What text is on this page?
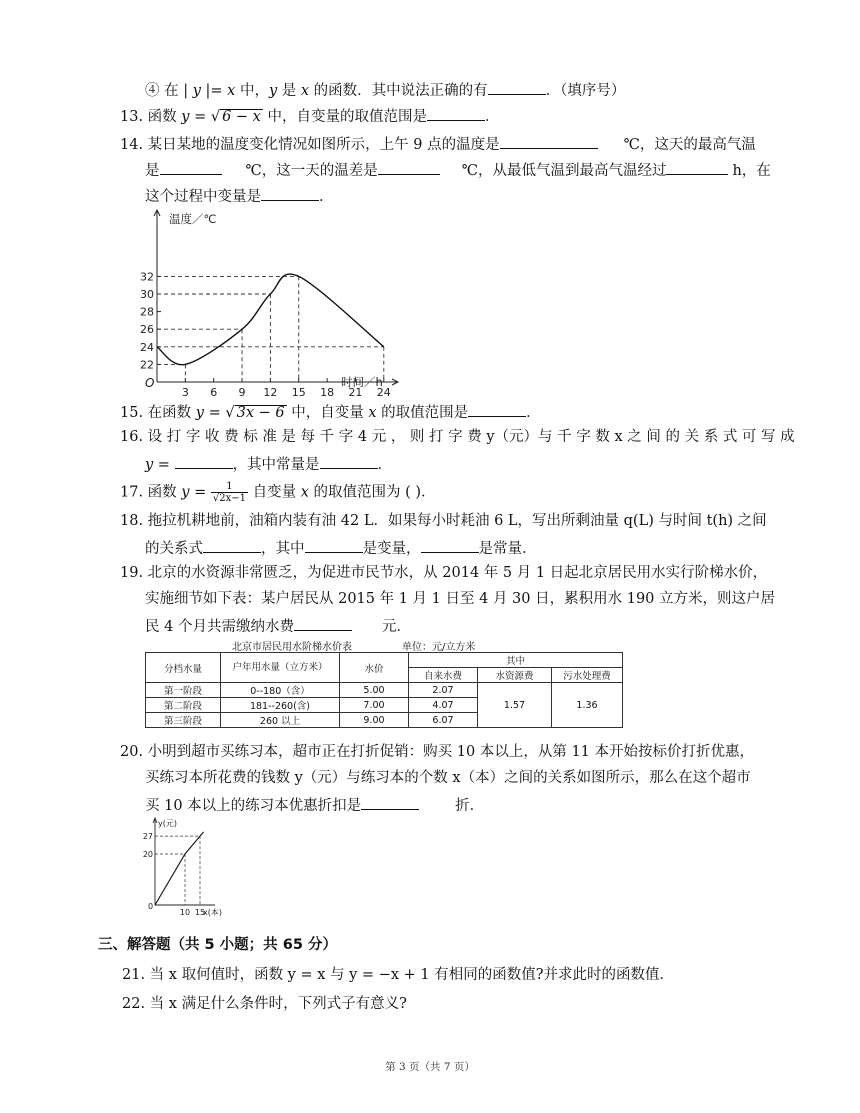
④ 在 | y |= x 中，y 是 x 的函数．其中说法正确的有	．（填序号）
13. 函数 y = √ 6 − x 中，自变量的取值范围是	．
14. 某日某地的温度变化情况如图所示，上午 9 点的温度是	℃，这天的最高气温
是	℃，这一天的温差是	℃，从最低气温到最高气温经过	h，在
这个过程中变量是	．
温度／℃
时间／h
O
22
24
26
28
30
32
3 6 9 12 15 18 21 24
15. 在函数 y = √ 3x − 6 中，自变量 x 的取值范围是	．
16. 设 打 字 收 费 标 准 是 每 千 字 4 元 ， 则 打 字 费 y（元）与 千 字 数 x 之 间 的 关 系 式 可 写 成
y =	，其中常量是	．
17. 函数 $y = \frac{1}{√2x-1}$ 自变量 x 的取值范围为 ( )．
18. 拖拉机耕地前，油箱内装有油 42 L．如果每小时耗油 6 L，写出所剩油量 q(L) 与时间 t(h) 之间
的关系式	，其中	是变量，	是常量．
19. 北京的水资源非常匮乏，为促进市民节水，从 2014 年 5 月 1 日起北京居民用水实行阶梯水价，
实施细节如下表：某户居民从 2015 年 1 月 1 日至 4 月 30 日，累积用水 190 立方米，则这户居
民 4 个月共需缴纳水费	元．
北京市居民用水阶梯水价表	单位：元/立方米
分档水量	户年用水量（立方米）	水价	其中		
			自来水费	水资源费	污水处理费
第一阶段	0--180（含）	5.00	2.07	1.57	1.36
第二阶段	181--260(含)	7.00	4.07		
第三阶段	260 以上	9.00	6.07		
20. 小明到超市买练习本，超市正在打折促销：购买 10 本以上，从第 11 本开始按标价打折优惠，
买练习本所花费的钱数 y（元）与练习本的个数 x（本）之间的关系如图所示，那么在这个超市
买 10 本以上的练习本优惠折扣是	折．
y(元)
x(本)
0
20
27
10 15
三、解答题（共 5 小题；共 65 分）
21. 当 x 取何值时，函数 y = x 与 y = −x + 1 有相同的函数值?并求此时的函数值．
22. 当 x 满足什么条件时，下列式子有意义?
第 3 页（共 7 页）
